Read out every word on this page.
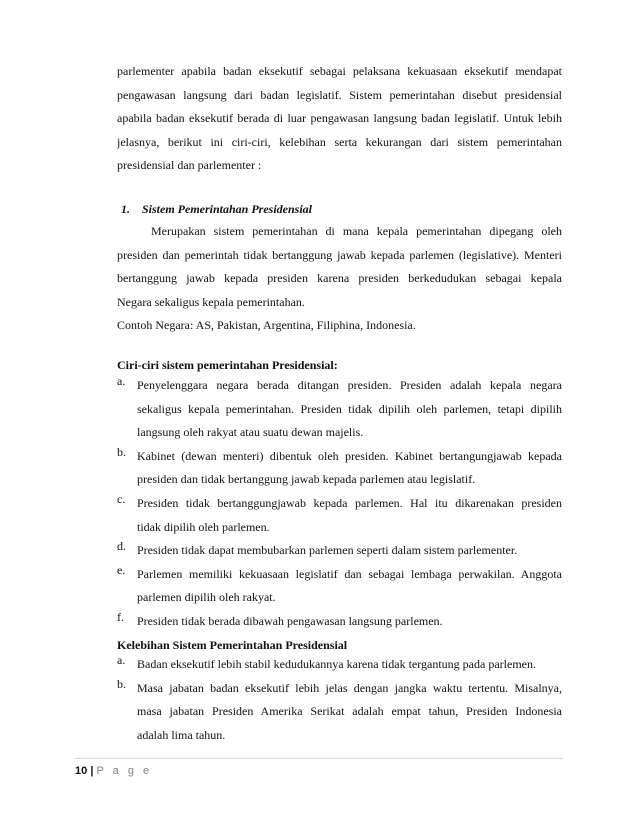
parlementer apabila badan eksekutif sebagai pelaksana kekuasaan eksekutif mendapat
pengawasan langsung dari badan legislatif. Sistem pemerintahan disebut presidensial
apabila badan eksekutif berada di luar pengawasan langsung badan legislatif. Untuk lebih
jelasnya, berikut ini ciri-ciri, kelebihan serta kekurangan dari sistem pemerintahan
presidensial dan parlementer :
1. Sistem Pemerintahan Presidensial
Merupakan sistem pemerintahan di mana kepala pemerintahan dipegang oleh
presiden dan pemerintah tidak bertanggung jawab kepada parlemen (legislative). Menteri
bertanggung jawab kepada presiden karena presiden berkedudukan sebagai kepala
Negara sekaligus kepala pemerintahan.
Contoh Negara: AS, Pakistan, Argentina, Filiphina, Indonesia.
Ciri-ciri sistem pemerintahan Presidensial:
a. Penyelenggara negara berada ditangan presiden. Presiden adalah kepala negara
sekaligus kepala pemerintahan. Presiden tidak dipilih oleh parlemen, tetapi dipilih
langsung oleh rakyat atau suatu dewan majelis.
b. Kabinet (dewan menteri) dibentuk oleh presiden. Kabinet bertangungjawab kepada
presiden dan tidak bertanggung jawab kepada parlemen atau legislatif.
c. Presiden tidak bertanggungjawab kepada parlemen. Hal itu dikarenakan presiden
tidak dipilih oleh parlemen.
d. Presiden tidak dapat membubarkan parlemen seperti dalam sistem parlementer.
e. Parlemen memiliki kekuasaan legislatif dan sebagai lembaga perwakilan. Anggota
parlemen dipilih oleh rakyat.
f.	Presiden tidak berada dibawah pengawasan langsung parlemen.
Kelebihan Sistem Pemerintahan Presidensial
a. Badan eksekutif lebih stabil kedudukannya karena tidak tergantung pada parlemen.
b. Masa jabatan badan eksekutif lebih jelas dengan jangka waktu tertentu. Misalnya,
masa jabatan Presiden Amerika Serikat adalah empat tahun, Presiden Indonesia
adalah lima tahun.
10 | P a g e
